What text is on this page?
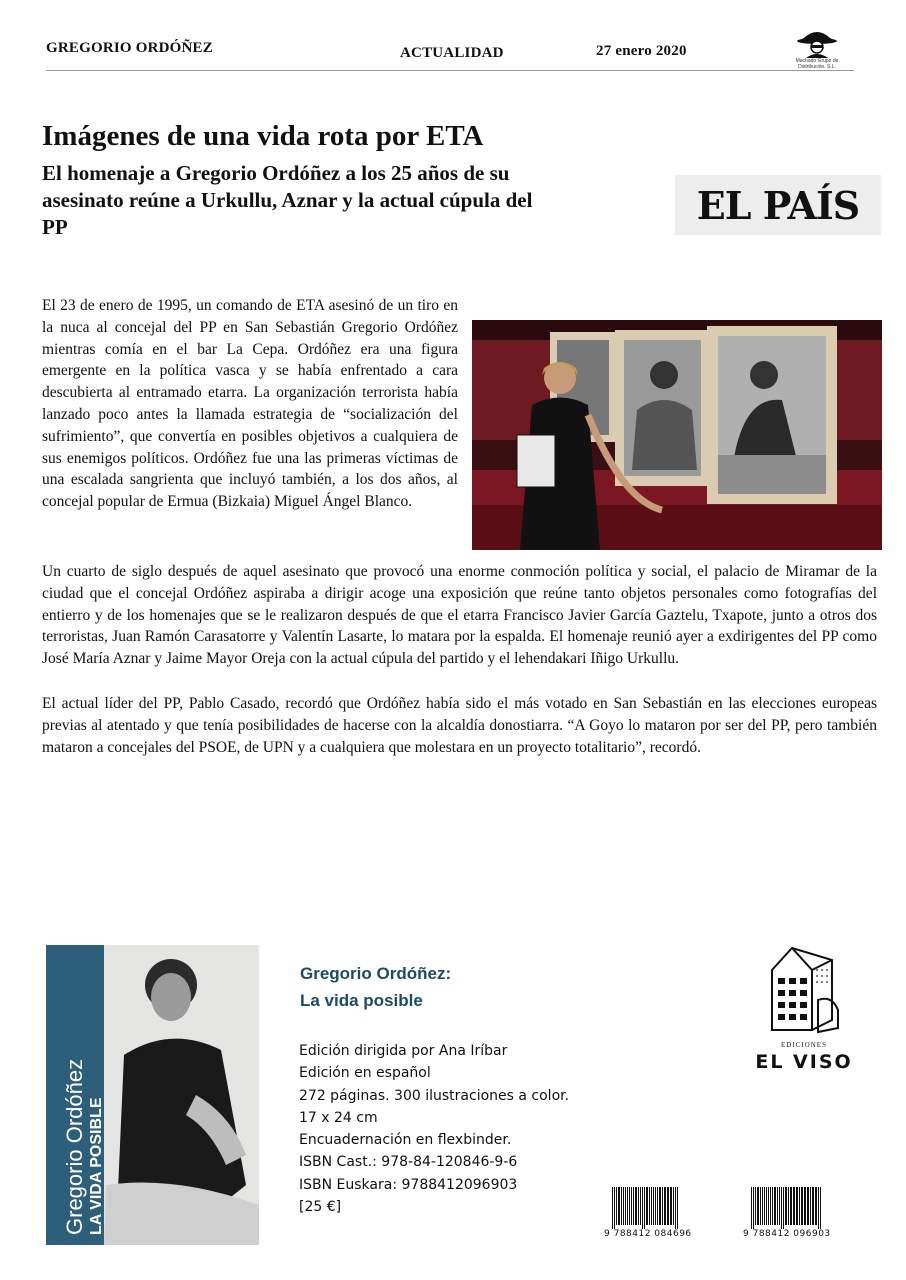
GREGORIO ORDÓÑEZ	ACTUALIDAD	27 enero 2020
Machado Grupo de Distribución, S.L.
Imágenes de una vida rota por ETA
El homenaje a Gregorio Ordóñez a los 25 años de su asesinato reúne a Urkullu, Aznar y la actual cúpula del PP	EL PAÍS

El 23 de enero de 1995, un comando de ETA asesinó de un tiro en la nuca al concejal del PP en San Sebastián Gregorio Ordóñez mientras comía en el bar La Cepa. Ordóñez era una figura emergente en la política vasca y se había enfrentado a cara descubierta al entramado etarra. La organización terrorista había lanzado poco antes la llamada estrategia de “socialización del sufrimiento”, que convertía en posibles objetivos a cualquiera de sus enemigos políticos. Ordóñez fue una las primeras víctimas de una escalada sangrienta que incluyó también, a los dos años, al concejal popular de Ermua (Bizkaia) Miguel Ángel Blanco.

Un cuarto de siglo después de aquel asesinato que provocó una enorme conmoción política y social, el palacio de Miramar de la ciudad que el concejal Ordóñez aspiraba a dirigir acoge una exposición que reúne tanto objetos personales como fotografías del entierro y de los homenajes que se le realizaron después de que el etarra Francisco Javier García Gaztelu, Txapote, junto a otros dos terroristas, Juan Ramón Carasatorre y Valentín Lasarte, lo matara por la espalda. El homenaje reunió ayer a exdirigentes del PP como José María Aznar y Jaime Mayor Oreja con la actual cúpula del partido y el lehendakari Iñigo Urkullu.

El actual líder del PP, Pablo Casado, recordó que Ordóñez había sido el más votado en San Sebastián en las elecciones europeas previas al atentado y que tenía posibilidades de hacerse con la alcaldía donostiarra. “A Goyo lo mataron por ser del PP, pero también mataron a concejales del PSOE, de UPN y a cualquiera que molestara en un proyecto totalitario”, recordó.

Gregorio Ordóñez LA VIDA POSIBLE
Gregorio Ordóñez:
La vida posible
Edición dirigida por Ana Iríbar
Edición en español
272 páginas. 300 ilustraciones a color.
17 x 24 cm
Encuadernación en flexbinder.
ISBN Cast.: 978-84-120846-9-6
ISBN Euskara: 9788412096903
[25 €]
EDICIONES
EL VISO
9 788412 084696	9 788412 096903
